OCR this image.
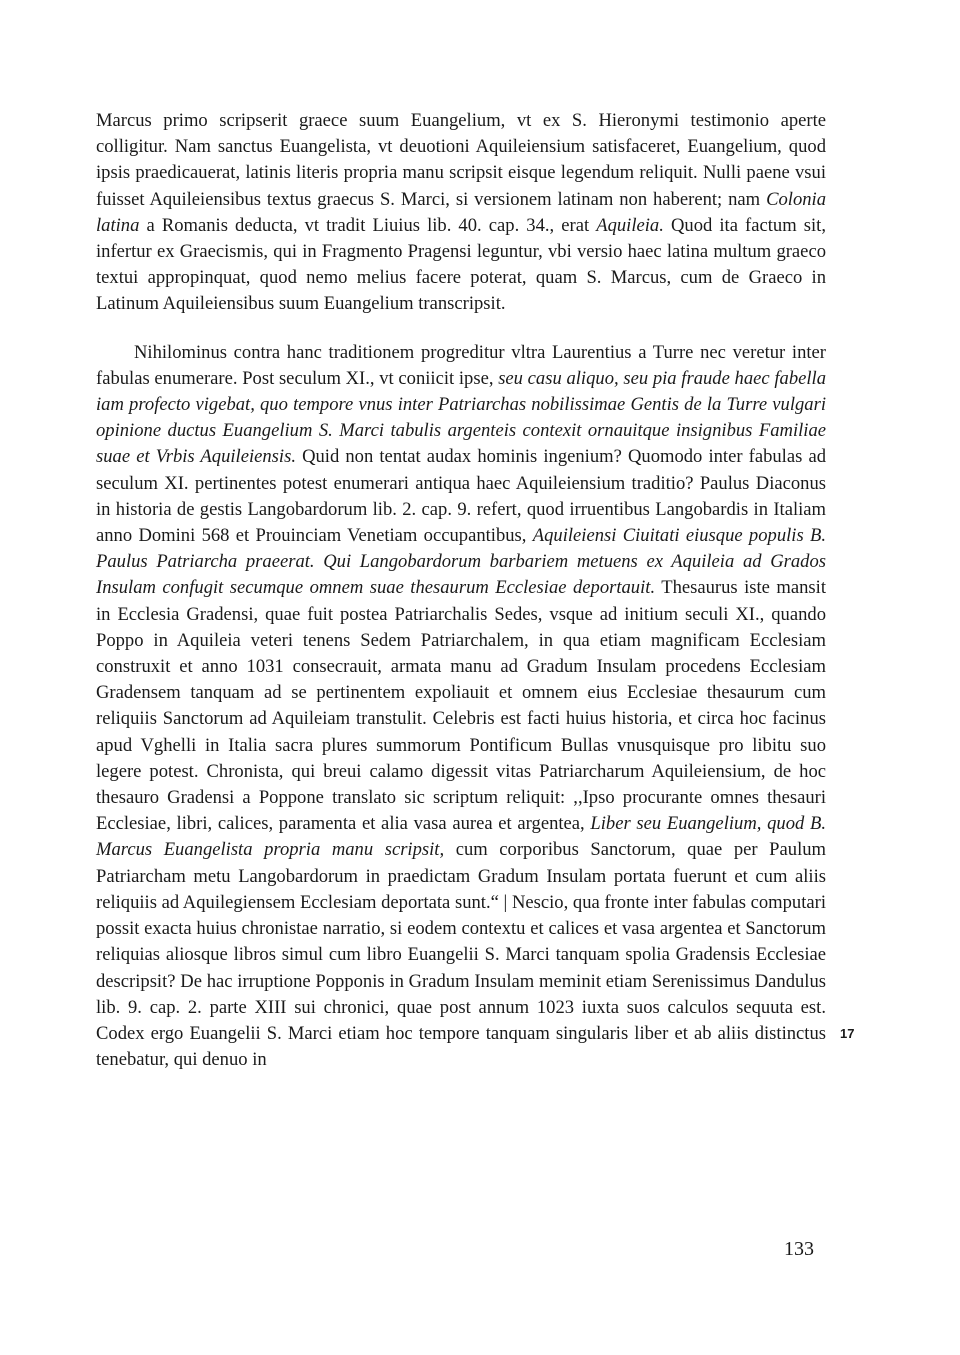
Marcus primo scripserit graece suum Euangelium, vt ex S. Hieronymi testimonio aperte colligitur. Nam sanctus Euangelista, vt deuotioni Aquileiensium satisfaceret, Euangelium, quod ipsis praedicauerat, latinis literis propria manu scripsit eisque legendum reliquit. Nulli paene vsui fuisset Aquileiensibus textus graecus S. Marci, si versionem latinam non haberent; nam Colonia latina a Romanis deducta, vt tradit Liuius lib. 40. cap. 34., erat Aquileia. Quod ita factum sit, infertur ex Graecismis, qui in Fragmento Pragensi leguntur, vbi versio haec latina multum graeco textui appropinquat, quod nemo melius facere poterat, quam S. Marcus, cum de Graeco in Latinum Aquileiensibus suum Euangelium transcripsit.

Nihilominus contra hanc traditionem progreditur vltra Laurentius a Turre nec veretur inter fabulas enumerare. Post seculum XI., vt coniicit ipse, seu casu aliquo, seu pia fraude haec fabella iam profecto vigebat, quo tempore vnus inter Patriarchas nobilissimae Gentis de la Turre vulgari opinione ductus Euangelium S. Marci tabulis argenteis contexit ornauitque insignibus Familiae suae et Vrbis Aquileiensis. Quid non tentat audax hominis ingenium? Quomodo inter fabulas ad seculum XI. pertinentes potest enumerari antiqua haec Aquileiensium traditio? Paulus Diaconus in historia de gestis Langobardorum lib. 2. cap. 9. refert, quod irruentibus Langobardis in Italiam anno Domini 568 et Prouinciam Venetiam occupantibus, Aquileiensi Ciuitati eiusque populis B. Paulus Patriarcha praeerat. Qui Langobardorum barbariem metuens ex Aquileia ad Grados Insulam confugit secumque omnem suae thesaurum Ecclesiae deportauit. Thesaurus iste mansit in Ecclesia Gradensi, quae fuit postea Patriarchalis Sedes, vsque ad initium seculi XI., quando Poppo in Aquileia veteri tenens Sedem Patriarchalem, in qua etiam magnificam Ecclesiam construxit et anno 1031 consecrauit, armata manu ad Gradum Insulam procedens Ecclesiam Gradensem tanquam ad se pertinentem expoliauit et omnem eius Ecclesiae thesaurum cum reliquiis Sanctorum ad Aquileiam transtulit. Celebris est facti huius historia, et circa hoc facinus apud Vghelli in Italia sacra plures summorum Pontificum Bullas vnusquisque pro libitu suo legere potest. Chronista, qui breui calamo digessit vitas Patriarcharum Aquileiensium, de hoc thesauro Gradensi a Poppone translato sic scriptum reliquit: ,,Ipso procurante omnes thesauri Ecclesiae, libri, calices, paramenta et alia vasa aurea et argentea, Liber seu Euangelium, quod B. Marcus Euangelista propria manu scripsit, cum corporibus Sanctorum, quae per Paulum Patriarcham metu Langobardorum in praedictam Gradum Insulam portata fuerunt et cum aliis reliquiis ad Aquilegiensem Ecclesiam deportata sunt.“ | Nescio, qua fronte inter fabulas computari possit exacta huius chronistae narratio, si eodem contextu et calices et vasa argentea et Sanctorum reliquias aliosque libros simul cum libro Euangelii S. Marci tanquam spolia Gradensis Ecclesiae descripsit? De hac irruptione Popponis in Gradum Insulam meminit etiam Serenissimus Dandulus lib. 9. cap. 2. parte XIII sui chronici, quae post annum 1023 iuxta suos calculos sequuta est. Codex ergo Euangelii S. Marci etiam hoc tempore tanquam singularis liber et ab aliis distinctus tenebatur, qui denuo in

17
133
